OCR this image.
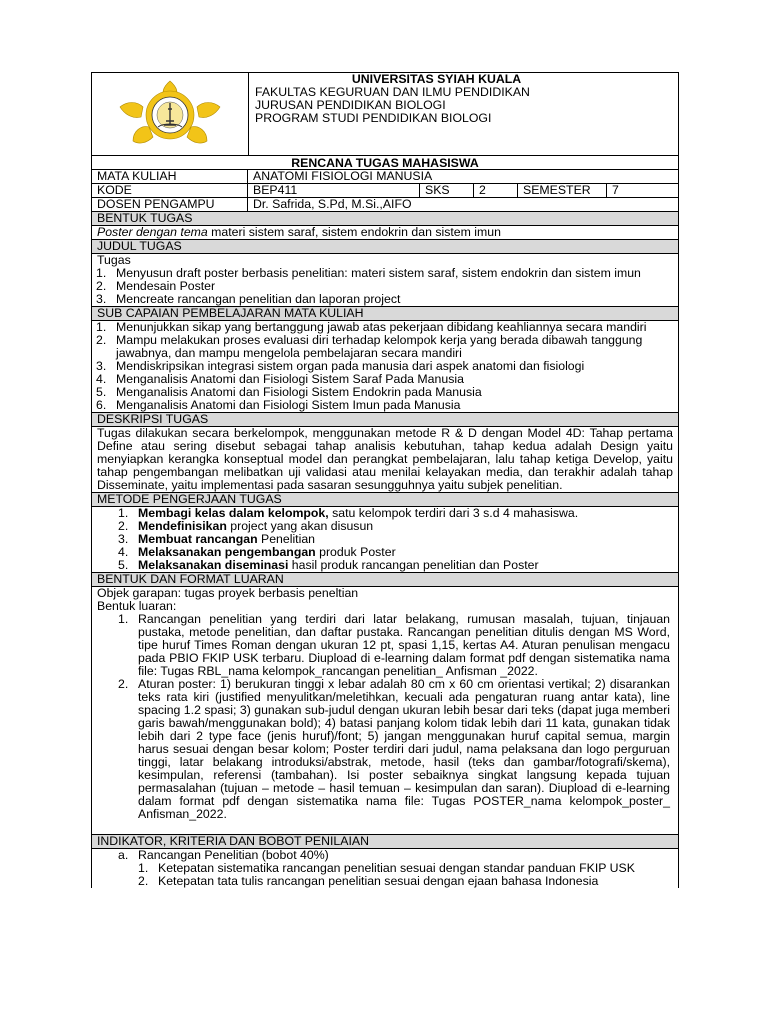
UNIVERSITAS SYIAH KUALA
FAKULTAS KEGURUAN DAN ILMU PENDIDIKAN
JURUSAN PENDIDIKAN BIOLOGI
PROGRAM STUDI PENDIDIKAN BIOLOGI
RENCANA TUGAS MAHASISWA
MATA KULIAH	ANATOMI FISIOLOGI MANUSIA
KODE	BEP411	SKS	2	SEMESTER	7
DOSEN PENGAMPU	Dr. Safrida, S.Pd, M.Si.,AIFO
BENTUK TUGAS
Poster dengan tema materi sistem saraf, sistem endokrin dan sistem imun
JUDUL TUGAS
Tugas
1. Menyusun draft poster berbasis penelitian: materi sistem saraf, sistem endokrin dan sistem imun
2. Mendesain Poster
3. Mencreate rancangan penelitian dan laporan project
SUB CAPAIAN PEMBELAJARAN MATA KULIAH
1. Menunjukkan sikap yang bertanggung jawab atas pekerjaan dibidang keahliannya secara mandiri
2. Mampu melakukan proses evaluasi diri terhadap kelompok kerja yang berada dibawah tanggung jawabnya, dan mampu mengelola pembelajaran secara mandiri
3. Mendiskripsikan integrasi sistem organ pada manusia dari aspek anatomi dan fisiologi
4. Menganalisis Anatomi dan Fisiologi Sistem Saraf Pada Manusia
5. Menganalisis Anatomi dan Fisiologi Sistem Endokrin pada Manusia
6. Menganalisis Anatomi dan Fisiologi Sistem Imun pada Manusia
DESKRIPSI TUGAS
Tugas dilakukan secara berkelompok, menggunakan metode R & D dengan Model 4D: Tahap pertama Define atau sering disebut sebagai tahap analisis kebutuhan, tahap kedua adalah Design yaitu menyiapkan kerangka konseptual model dan perangkat pembelajaran, lalu tahap ketiga Develop, yaitu tahap pengembangan melibatkan uji validasi atau menilai kelayakan media, dan terakhir adalah tahap Disseminate, yaitu implementasi pada sasaran sesungguhnya yaitu subjek penelitian.
METODE PENGERJAAN TUGAS
1. Membagi kelas dalam kelompok, satu kelompok terdiri dari 3 s.d 4 mahasiswa.
2. Mendefinisikan project yang akan disusun
3. Membuat rancangan Penelitian
4. Melaksanakan pengembangan produk Poster
5. Melaksanakan diseminasi hasil produk rancangan penelitian dan Poster
BENTUK DAN FORMAT LUARAN
Objek garapan: tugas proyek berbasis peneltian
Bentuk luaran:
1. Rancangan penelitian yang terdiri dari latar belakang, rumusan masalah, tujuan, tinjauan pustaka, metode penelitian, dan daftar pustaka. Rancangan penelitian ditulis dengan MS Word, tipe huruf Times Roman dengan ukuran 12 pt, spasi 1,15, kertas A4. Aturan penulisan mengacu pada PBIO FKIP USK terbaru. Diupload di e-learning dalam format pdf dengan sistematika nama file: Tugas RBL_nama kelompok_rancangan penelitian_ Anfisman _2022.
2. Aturan poster: 1) berukuran tinggi x lebar adalah 80 cm x 60 cm orientasi vertikal; 2) disarankan teks rata kiri (justified menyulitkan/meletihkan, kecuali ada pengaturan ruang antar kata), line spacing 1.2 spasi; 3) gunakan sub-judul dengan ukuran lebih besar dari teks (dapat juga memberi garis bawah/menggunakan bold); 4) batasi panjang kolom tidak lebih dari 11 kata, gunakan tidak lebih dari 2 type face (jenis huruf)/font; 5) jangan menggunakan huruf capital semua, margin harus sesuai dengan besar kolom; Poster terdiri dari judul, nama pelaksana dan logo perguruan tinggi, latar belakang introduksi/abstrak, metode, hasil (teks dan gambar/fotografi/skema), kesimpulan, referensi (tambahan). Isi poster sebaiknya singkat langsung kepada tujuan permasalahan (tujuan – metode – hasil temuan – kesimpulan dan saran). Diupload di e-learning dalam format pdf dengan sistematika nama file: Tugas POSTER_nama kelompok_poster_ Anfisman_2022.
INDIKATOR, KRITERIA DAN BOBOT PENILAIAN
a. Rancangan Penelitian (bobot 40%)
1. Ketepatan sistematika rancangan penelitian sesuai dengan standar panduan FKIP USK
2. Ketepatan tata tulis rancangan penelitian sesuai dengan ejaan bahasa Indonesia
